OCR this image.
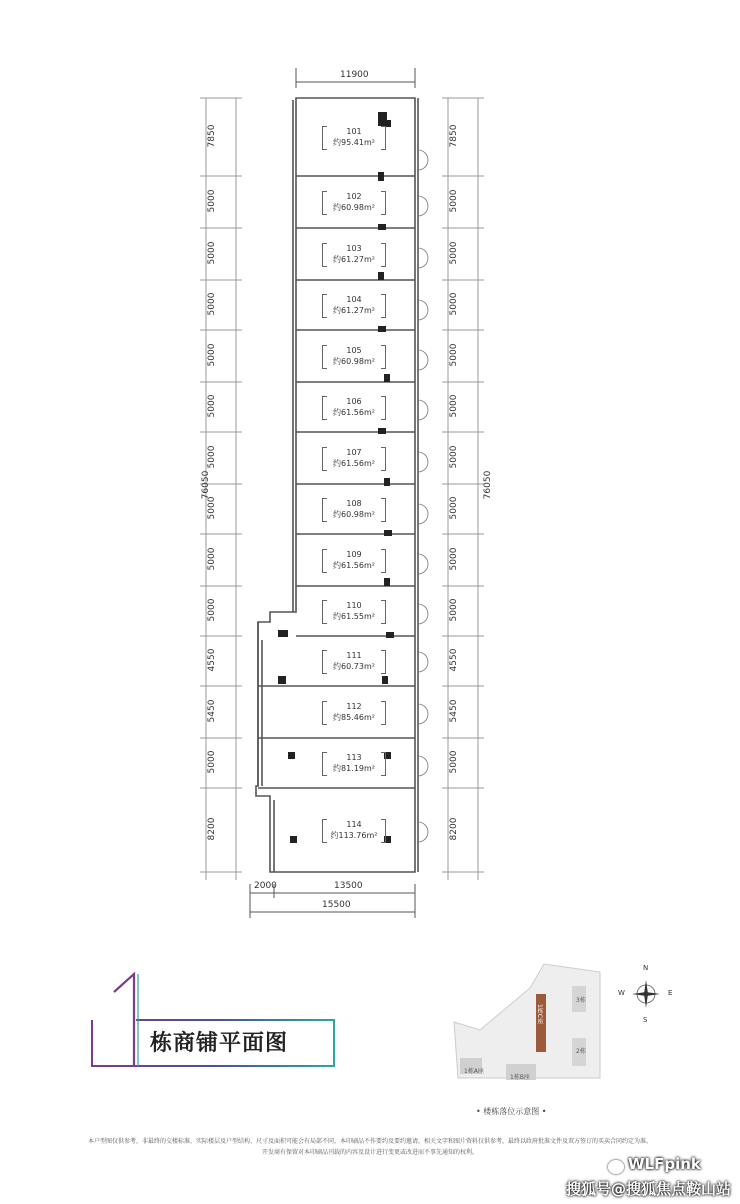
11900
76050	76050
2000	13500
15500
7850
5000
5000
5000
5000
5000
5000
5000
5000
5000
4550
5450
5000
8200
7850
5000
5000
5000
5000
5000
5000
5000
5000
5000
4550
5450
5000
8200
101
约95.41m²
102
约60.98m²
103
约61.27m²
104
约61.27m²
105
约60.98m²
106
约61.56m²
107
约61.56m²
108
约60.98m²
109
约61.56m²
110
约61.55m²
111
约60.73m²
112
约85.46m²
113
约81.19m²
114
约113.76m²
栋商铺平面图
1栋C座
3栋
2栋
1栋A座
1栋B座
• 楼栋落位示意图 •
N
S
W	E
本户型图仅供参考，非最终的交楼标准，实际楼层及户型结构、尺寸及面积可能会有局部不同。本印刷品不作要约及要约邀请，相关文字和图片资料仅供参考，最终以政府批准文件及双方签订的买卖合同约定为准。
开发商有保留对本印刷品刊载的内容及设计进行变更或改进而不事先通知的权利。
WLFpink
搜狐号@搜狐焦点鞍山站
